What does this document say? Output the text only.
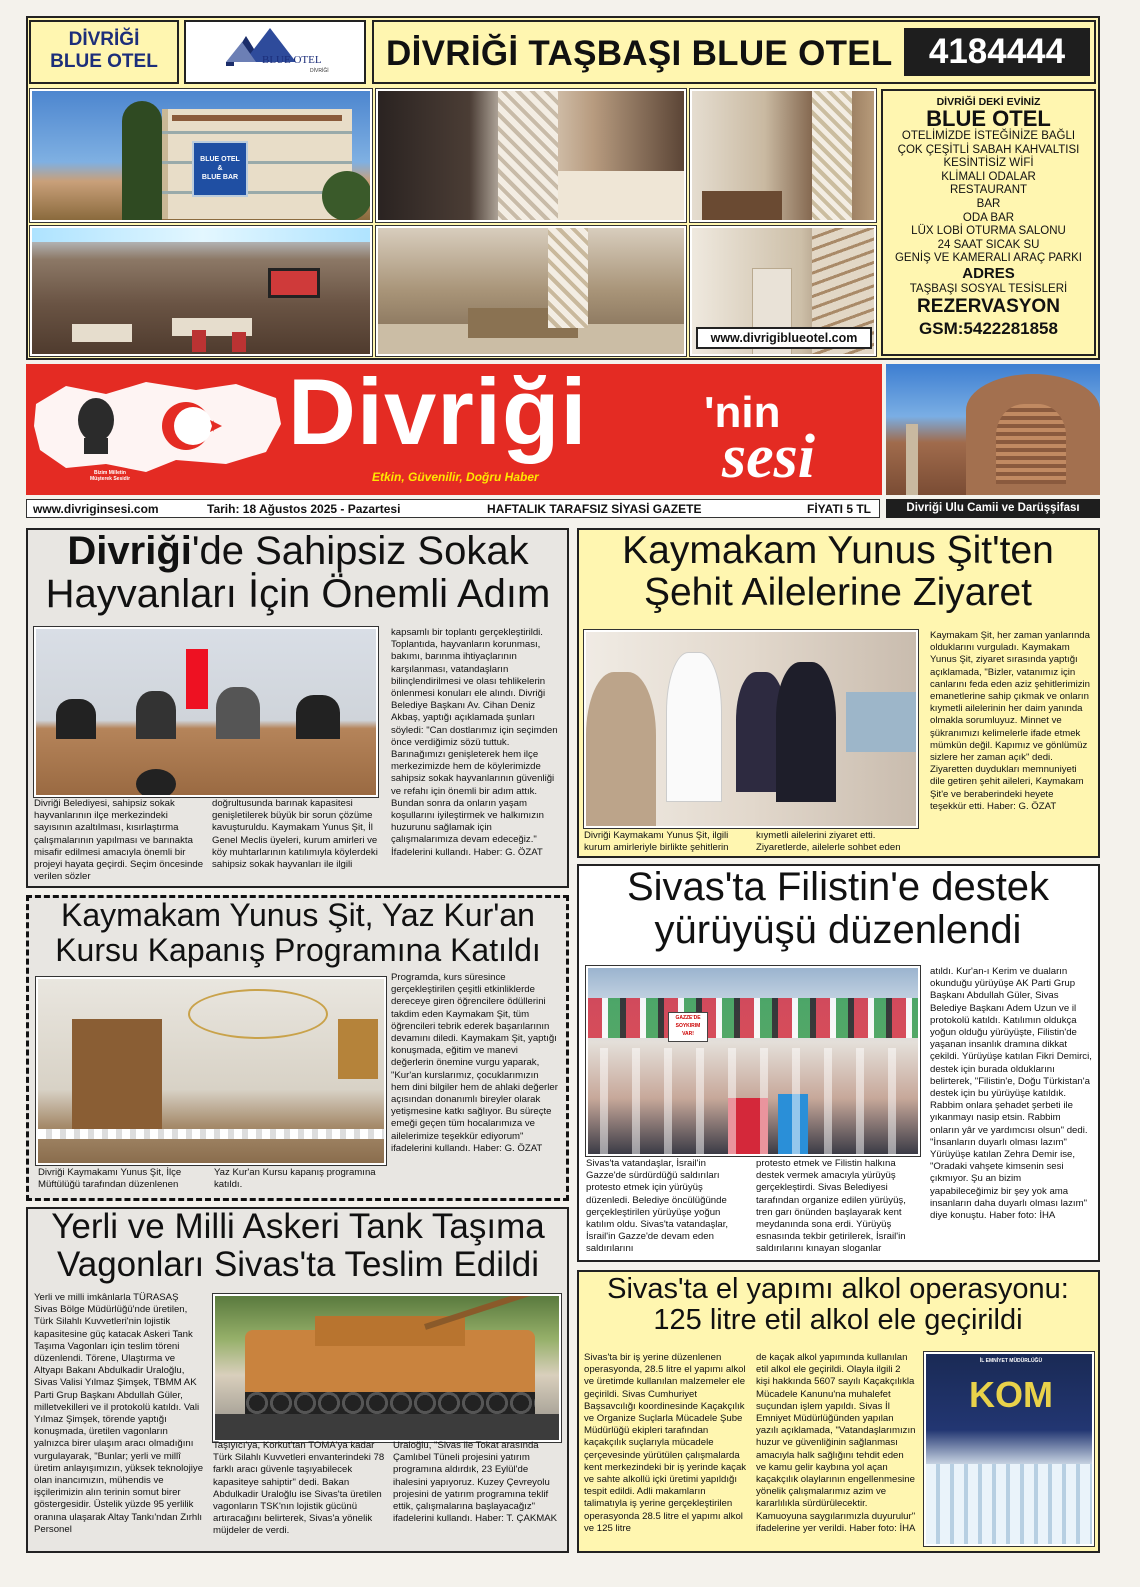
DİVRİĞİ
BLUE OTEL	BLUE OTEL
DİVRİĞİ DİVRİĞİ TAŞBAŞI BLUE OTEL	4184444
BLUE OTEL
&
BLUE BAR
www.divrigiblueotel.com
DİVRİĞİ DEKİ EVİNİZ
BLUE OTEL
OTELİMİZDE İSTEĞİNİZE BAĞLI
ÇOK ÇEŞİTLİ SABAH KAHVALTISI
KESİNTİSİZ WİFİ
KLİMALI ODALAR
RESTAURANT
BAR
ODA BAR
LÜX LOBİ OTURMA SALONU
24 SAAT SICAK SU
GENİŞ VE KAMERALI ARAÇ PARKI
ADRES
TAŞBAŞI SOSYAL TESİSLERİ
REZERVASYON
GSM:5422281858
Bizim Milletin
Müşterek Sesidir
Divriği	'nin
sesi
Etkin, Güvenilir, Doğru Haber
www.divriginsesi.com	Tarih: 18 Ağustos 2025 - Pazartesi	HAFTALIK TARAFSIZ SİYASİ GAZETE	FİYATI 5 TL	Divriği Ulu Camii ve Darüşşifası
Divriği'de Sahipsiz Sokak Hayvanları İçin Önemli Adım
kapsamlı bir toplantı gerçekleştirildi. Toplantıda, hayvanların korunması, bakımı, barınma ihtiyaçlarının karşılanması, vatandaşların bilinçlendirilmesi ve olası tehlikelerin önlenmesi konuları ele alındı. Divriği Belediye Başkanı Av. Cihan Deniz Akbaş, yaptığı açıklamada şunları söyledi: "Can dostlarımız için seçimden önce verdiğimiz sözü tuttuk. Barınağımızı genişleterek hem ilçe merkezimizde hem de köylerimizde sahipsiz sokak hayvanlarının güvenliği ve refahı için önemli bir adım attık. Bundan sonra da onların yaşam koşullarını iyileştirmek ve halkımızın huzurunu sağlamak için çalışmalarımıza devam edeceğiz." İfadelerini kullandı. Haber: G. ÖZAT
Divriği Belediyesi, sahipsiz sokak hayvanlarının ilçe merkezindeki sayısının azaltılması, kısırlaştırma çalışmalarının yapılması ve barınakta misafir edilmesi amacıyla önemli bir projeyi hayata geçirdi. Seçim öncesinde verilen sözler
doğrultusunda barınak kapasitesi genişletilerek büyük bir sorun çözüme kavuşturuldu. Kaymakam Yunus Şit, İl Genel Meclis üyeleri, kurum amirleri ve köy muhtarlarının katılımıyla köylerdeki sahipsiz sokak hayvanları ile ilgili
Kaymakam Yunus Şit'ten Şehit Ailelerine Ziyaret
Kaymakam Şit, her zaman yanlarında olduklarını vurguladı. Kaymakam Yunus Şit, ziyaret sırasında yaptığı açıklamada, "Bizler, vatanımız için canlarını feda eden aziz şehitlerimizin emanetlerine sahip çıkmak ve onların kıymetli ailelerinin her daim yanında olmakla sorumluyuz. Minnet ve şükranımızı kelimelerle ifade etmek mümkün değil. Kapımız ve gönlümüz sizlere her zaman açık" dedi. Ziyaretten duydukları memnuniyeti dile getiren şehit aileleri, Kaymakam Şit'e ve beraberindeki heyete teşekkür etti. Haber: G. ÖZAT
Divriği Kaymakamı Yunus Şit, ilgili kurum amirleriyle birlikte şehitlerin
kıymetli ailelerini ziyaret etti. Ziyaretlerde, ailelerle sohbet eden
Kaymakam Yunus Şit, Yaz Kur'an Kursu Kapanış Programına Katıldı
Programda, kurs süresince gerçekleştirilen çeşitli etkinliklerde dereceye giren öğrencilere ödüllerini takdim eden Kaymakam Şit, tüm öğrencileri tebrik ederek başarılarının devamını diledi. Kaymakam Şit, yaptığı konuşmada, eğitim ve manevi değerlerin önemine vurgu yaparak, "Kur'an kurslarımız, çocuklarımızın hem dini bilgiler hem de ahlaki değerler açısından donanımlı bireyler olarak yetişmesine katkı sağlıyor. Bu süreçte emeği geçen tüm hocalarımıza ve ailelerimize teşekkür ediyorum" ifadelerini kullandı. Haber: G. ÖZAT
Divriği Kaymakamı Yunus Şit, İlçe Müftülüğü tarafından düzenlenen
Yaz Kur'an Kursu kapanış programına katıldı.
Sivas'ta Filistin'e destek yürüyüşü düzenlendi
GAZZE'DE SOYKIRIM VAR!
atıldı. Kur'an-ı Kerim ve duaların okunduğu yürüyüşe AK Parti Grup Başkanı Abdullah Güler, Sivas Belediye Başkanı Adem Uzun ve il protokolü katıldı. Katılımın oldukça yoğun olduğu yürüyüşte, Filistin'de yaşanan insanlık dramına dikkat çekildi. Yürüyüşe katılan Fikri Demirci, destek için burada olduklarını belirterek, "Filistin'e, Doğu Türkistan'a destek için bu yürüyüşe katıldık. Rabbim onlara şehadet şerbeti ile yıkanmayı nasip etsin. Rabbim onların yâr ve yardımcısı olsun" dedi. "İnsanların duyarlı olması lazım" Yürüyüşe katılan Zehra Demir ise, "Oradaki vahşete kimsenin sesi çıkmıyor. Şu an bizim yapabileceğimiz bir şey yok ama insanların daha duyarlı olması lazım" diye konuştu. Haber foto: İHA
Sivas'ta vatandaşlar, İsrail'in Gazze'de sürdürdüğü saldırıları protesto etmek için yürüyüş düzenledi. Belediye öncülüğünde gerçekleştirilen yürüyüşe yoğun katılım oldu. Sivas'ta vatandaşlar, İsrail'in Gazze'de devam eden saldırılarını
protesto etmek ve Filistin halkına destek vermek amacıyla yürüyüş gerçekleştirdi. Sivas Belediyesi tarafından organize edilen yürüyüş, tren garı önünden başlayarak kent meydanında sona erdi. Yürüyüş esnasında tekbir getirilerek, İsrail'in saldırılarını kınayan sloganlar
Yerli ve Milli Askeri Tank Taşıma Vagonları Sivas'ta Teslim Edildi
Yerli ve milli imkânlarla TÜRASAŞ Sivas Bölge Müdürlüğü'nde üretilen, Türk Silahlı Kuvvetleri'nin lojistik kapasitesine güç katacak Askeri Tank Taşıma Vagonları için teslim töreni düzenlendi. Törene, Ulaştırma ve Altyapı Bakanı Abdulkadir Uraloğlu, Sivas Valisi Yılmaz Şimşek, TBMM AK Parti Grup Başkanı Abdullah Güler, milletvekilleri ve il protokolü katıldı. Vali Yılmaz Şimşek, törende yaptığı konuşmada, üretilen vagonların yalnızca birer ulaşım aracı olmadığını vurgulayarak, "Bunlar; yerli ve millî üretim anlayışımızın, yüksek teknolojiye olan inancımızın, mühendis ve işçilerimizin alın terinin somut birer göstergesidir. Üstelik yüzde 95 yerlilik oranına ulaşarak Altay Tankı'ndan Zırhlı Personel
Taşıyıcı'ya, Korkut'tan TOMA'ya kadar Türk Silahlı Kuvvetleri envanterindeki 78 farklı aracı güvenle taşıyabilecek kapasiteye sahiptir" dedi. Bakan Abdulkadir Uraloğlu ise Sivas'ta üretilen vagonların TSK'nın lojistik gücünü artıracağını belirterek, Sivas'a yönelik müjdeler de verdi.
Uraloğlu, "Sivas ile Tokat arasında Çamlıbel Tüneli projesini yatırım programına aldırdık, 23 Eylül'de ihalesini yapıyoruz. Kuzey Çevreyolu projesini de yatırım programına teklif ettik, çalışmalarına başlayacağız" ifadelerini kullandı. Haber: T. ÇAKMAK
Sivas'ta el yapımı alkol operasyonu: 125 litre etil alkol ele geçirildi
Sivas'ta bir iş yerine düzenlenen operasyonda, 28.5 litre el yapımı alkol ve üretimde kullanılan malzemeler ele geçirildi. Sivas Cumhuriyet Başsavcılığı koordinesinde Kaçakçılık ve Organize Suçlarla Mücadele Şube Müdürlüğü ekipleri tarafından kaçakçılık suçlarıyla mücadele çerçevesinde yürütülen çalışmalarda kent merkezindeki bir iş yerinde kaçak ve sahte alkollü içki üretimi yapıldığı tespit edildi. Adli makamların talimatıyla iş yerine gerçekleştirilen operasyonda 28.5 litre el yapımı alkol ve 125 litre
de kaçak alkol yapımında kullanılan etil alkol ele geçirildi. Olayla ilgili 2 kişi hakkında 5607 sayılı Kaçakçılıkla Mücadele Kanunu'na muhalefet suçundan işlem yapıldı. Sivas İl Emniyet Müdürlüğünden yapılan yazılı açıklamada, "Vatandaşlarımızın huzur ve güvenliğinin sağlanması amacıyla halk sağlığını tehdit eden ve kamu gelir kaybına yol açan kaçakçılık olaylarının engellenmesine yönelik çalışmalarımız azim ve kararlılıkla sürdürülecektir. Kamuoyuna saygılarımızla duyurulur" ifadelerine yer verildi. Haber foto: İHA
İL EMNİYET MÜDÜRLÜĞÜ
KOM
